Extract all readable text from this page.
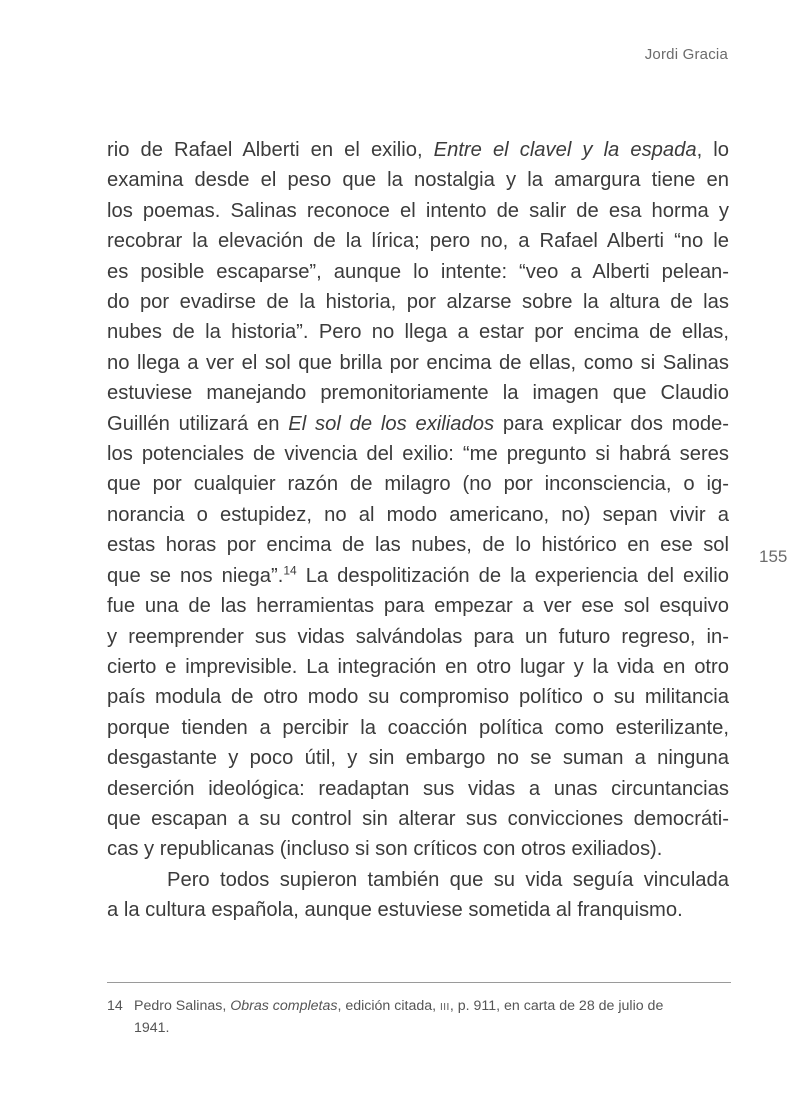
Jordi Gracia
155
rio de Rafael Alberti en el exilio, Entre el clavel y la espada, lo
examina desde el peso que la nostalgia y la amargura tiene en
los poemas. Salinas reconoce el intento de salir de esa horma y
recobrar la elevación de la lírica; pero no, a Rafael Alberti “no le
es posible escaparse”, aunque lo intente: “veo a Alberti pelean-
do por evadirse de la historia, por alzarse sobre la altura de las
nubes de la historia”. Pero no llega a estar por encima de ellas,
no llega a ver el sol que brilla por encima de ellas, como si Salinas
estuviese manejando premonitoriamente la imagen que Claudio
Guillén utilizará en El sol de los exiliados para explicar dos mode-
los potenciales de vivencia del exilio: “me pregunto si habrá seres
que por cualquier razón de milagro (no por inconsciencia, o ig-
norancia o estupidez, no al modo americano, no) sepan vivir a
estas horas por encima de las nubes, de lo histórico en ese sol
que se nos niega”.$^{14}$ La despolitización de la experiencia del exilio
fue una de las herramientas para empezar a ver ese sol esquivo
y reemprender sus vidas salvándolas para un futuro regreso, in-
cierto e imprevisible. La integración en otro lugar y la vida en otro
país modula de otro modo su compromiso político o su militancia
porque tienden a percibir la coacción política como esterilizante,
desgastante y poco útil, y sin embargo no se suman a ninguna
deserción ideológica: readaptan sus vidas a unas circuntancias
que escapan a su control sin alterar sus convicciones democráti-
cas y republicanas (incluso si son críticos con otros exiliados).
Pero todos supieron también que su vida seguía vinculada
a la cultura española, aunque estuviese sometida al franquismo.
14 Pedro Salinas, Obras completas, edición citada, III, p. 911, en carta de 28 de julio de
1941.
